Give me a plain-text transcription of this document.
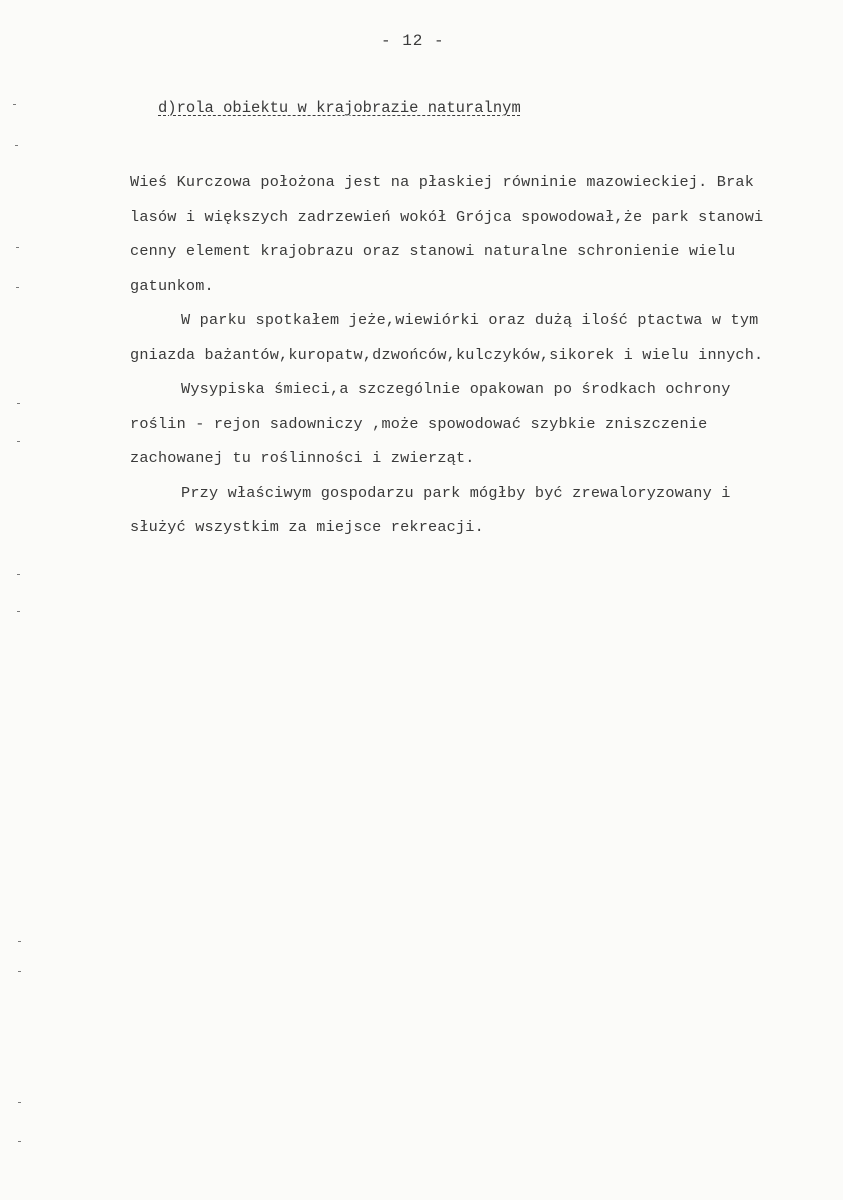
- 12 -
d)rola obiektu w krajobrazie naturalnym

Wieś Kurczowa położona jest na płaskiej równinie mazowieckiej. Brak lasów i większych zadrzewień wokół Grójca spowodował,że park stanowi cenny element krajobrazu oraz stanowi naturalne schronienie wielu gatunkom.

W parku spotkałem jeże,wiewiórki oraz dużą ilość ptactwa w tym gniazda bażantów,kuropatw,dzwońców,kulczyków,sikorek i wielu innych.

Wysypiska śmieci,a szczególnie opakowan po środkach ochrony roślin - rejon sadowniczy ,może spowodować szybkie zniszczenie zachowanej tu roślinności i zwierząt.

Przy właściwym gospodarzu park mógłby być zrewaloryzowany i służyć wszystkim za miejsce rekreacji.
